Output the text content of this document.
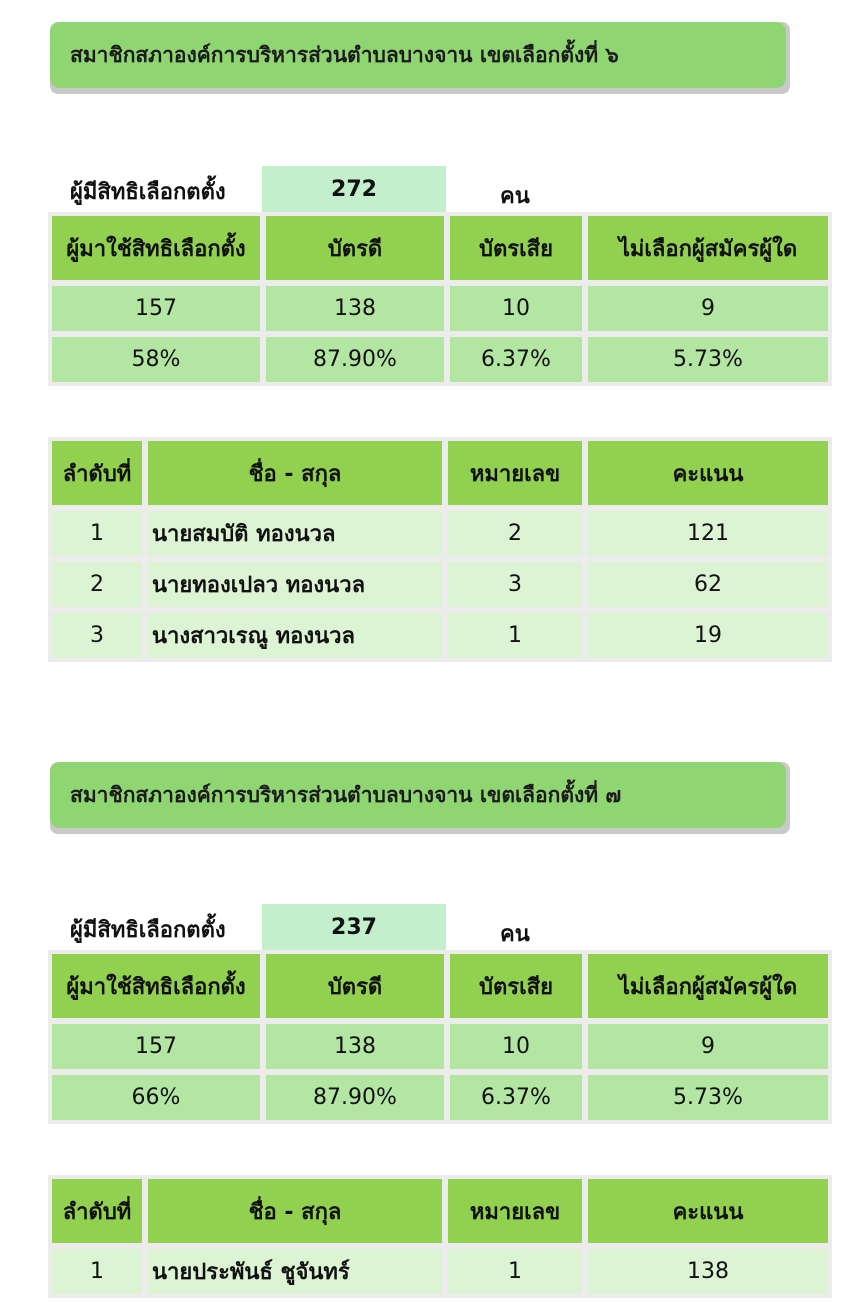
สมาชิกสภาองค์การบริหารส่วนตำบลบางจาน เขตเลือกตั้งที่ ๖
ผู้มีสิทธิเลือกตตั้ง	272	คน
ผู้มาใช้สิทธิเลือกตั้ง	บัตรดี	บัตรเสีย	ไม่เลือกผู้สมัครผู้ใด
157	138	10	9
58%	87.90%	6.37%	5.73%
ลำดับที่	ชื่อ - สกุล	หมายเลข	คะแนน
1	นายสมบัติ ทองนวล	2	121
2	นายทองเปลว ทองนวล	3	62
3	นางสาวเรณู ทองนวล	1	19
สมาชิกสภาองค์การบริหารส่วนตำบลบางจาน เขตเลือกตั้งที่ ๗
ผู้มีสิทธิเลือกตตั้ง	237	คน
ผู้มาใช้สิทธิเลือกตั้ง	บัตรดี	บัตรเสีย	ไม่เลือกผู้สมัครผู้ใด
157	138	10	9
66%	87.90%	6.37%	5.73%
ลำดับที่	ชื่อ - สกุล	หมายเลข	คะแนน
1	นายประพันธ์ ชูจันทร์	1	138
